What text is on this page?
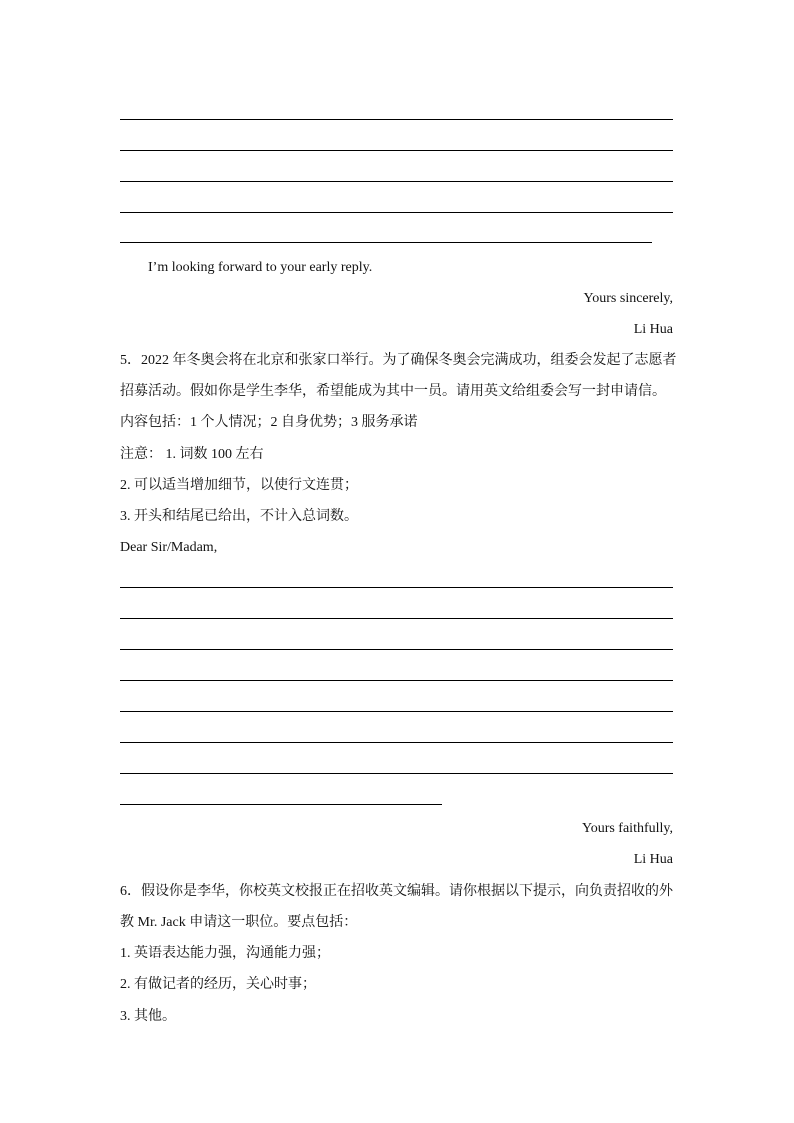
I’m looking forward to your early reply.
Yours sincerely,
Li Hua
5．2022 年冬奥会将在北京和张家口举行。为了确保冬奥会完满成功，组委会发起了志愿者
招募活动。假如你是学生李华，希望能成为其中一员。请用英文给组委会写一封申请信。
内容包括：1 个人情况；2 自身优势；3 服务承诺
注意： 1. 词数 100 左右
2. 可以适当增加细节，以使行文连贯；
3. 开头和结尾已给出，不计入总词数。
Dear Sir/Madam,
Yours faithfully,
Li Hua
6．假设你是李华，你校英文校报正在招收英文编辑。请你根据以下提示，向负责招收的外
教 Mr. Jack 申请这一职位。要点包括：
1. 英语表达能力强，沟通能力强；
2. 有做记者的经历，关心时事；
3. 其他。
